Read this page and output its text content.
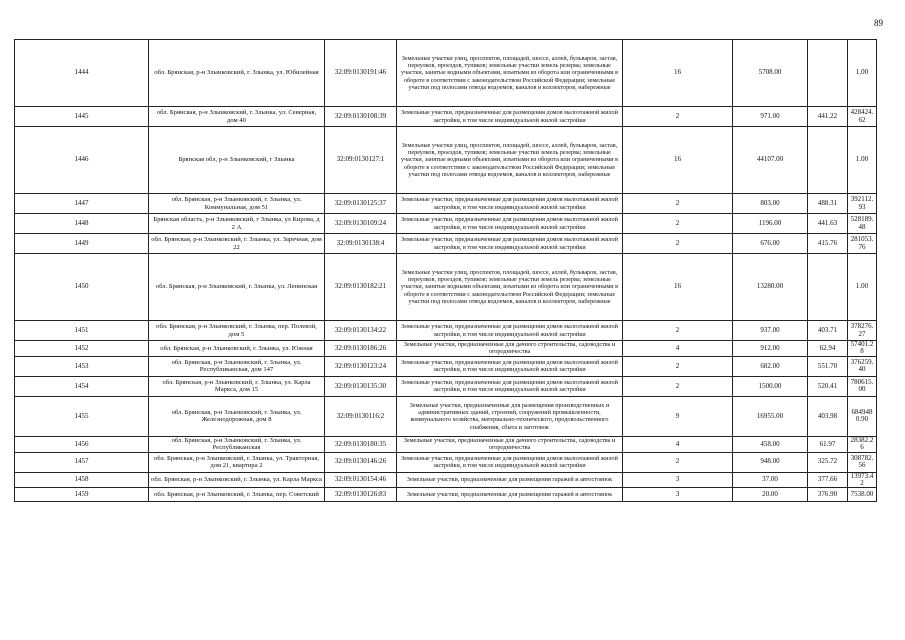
89
1444	обл. Брянская, р-н Злынковский, г. Злынка, ул. Юбилейная	32:09:0130191:46	Земельные участки улиц, проспектов, площадей, шоссе, аллей, бульваров, застав, переулков, проездов, тупиков; земельные участки земель резерва; земельные участки, занятые водными объектами, изъятыми из оборота или ограниченными в обороте в соответствии с законодательством Российской Федерации; земельные участки под полосами отвода водоемов, каналов и коллекторов, набережные	16	5708.00		1.00
1445	обл. Брянская, р-н Злынковский, г. Злынка, ул. Северная, дом 40	32:09:0130108:39	Земельные участки, предназначенные для размещения домов малоэтажной жилой застройки, в том числе индивидуальной жилой застройки	2	971.00	441.22	428424.62
1446	Брянская обл, р-н Злынковский, г Злынка	32:09:0130127:1	Земельные участки улиц, проспектов, площадей, шоссе, аллей, бульваров, застав, переулков, проездов, тупиков; земельные участки земель резерва; земельные участки, занятые водными объектами, изъятыми из оборота или ограниченными в обороте в соответствии с законодательством Российской Федерации; земельные участки под полосами отвода водоемов, каналов и коллекторов, набережные	16	44107.00		1.00
1447	обл. Брянская, р-н Злынковский, г. Злынка, ул. Коммунальная, дом 51	32:09:0130125:37	Земельные участки, предназначенные для размещения домов малоэтажной жилой застройки, в том числе индивидуальной жилой застройки	2	803.00	488.31	392112.93
1448	Брянская область, р-н Злынковский, г Злынка, ул Кирова, д 2 А	32:09:0130109:24	Земельные участки, предназначенные для размещения домов малоэтажной жилой застройки, в том числе индивидуальной жилой застройки	2	1196.00	441.63	528189.48
1449	обл. Брянская, р-н Злынковский, г. Злынка, ул. Заречная, дом 22	32:09:0130138:4	Земельные участки, предназначенные для размещения домов малоэтажной жилой застройки, в том числе индивидуальной жилой застройки	2	676.00	415.76	281053.76
1450	обл. Брянская, р-н Злынковский, г. Злынка, ул. Ленинская	32:09:0130182:21	Земельные участки улиц, проспектов, площадей, шоссе, аллей, бульваров, застав, переулков, проездов, тупиков; земельные участки земель резерва; земельные участки, занятые водными объектами, изъятыми из оборота или ограниченными в обороте в соответствии с законодательством Российской Федерации; земельные участки под полосами отвода водоемов, каналов и коллекторов, набережные	16	13280.00		1.00
1451	обл. Брянская, р-н Злынковский, г. Злынка, пер. Полевой, дом 5	32:09:0130134:22	Земельные участки, предназначенные для размещения домов малоэтажной жилой застройки, в том числе индивидуальной жилой застройки	2	937.00	403.71	378276.27
1452	обл. Брянская, р-н Злынковский, г. Злынка, ул. Южная	32:09:0130186:26	Земельные участки, предназначенные для дачного строительства, садоводства и огородничества	4	912.00	62.94	57401.28
1453	обл. Брянская, р-н Злынковский, г. Злынка, ул. Республиканская, дом 147	32:09:0130123:24	Земельные участки, предназначенные для размещения домов малоэтажной жилой застройки, в том числе индивидуальной жилой застройки	2	682.00	551.70	376259.40
1454	обл. Брянская, р-н Злынковский, г. Злынка, ул. Карла Маркса, дом 15	32:09:0130135:30	Земельные участки, предназначенные для размещения домов малоэтажной жилой застройки, в том числе индивидуальной жилой застройки	2	1500.00	520.41	780615.00
1455	обл. Брянская, р-н Злынковский, г. Злынка, ул. Железнодорожная, дом 8	32:09:0130116:2	Земельные участки, предназначенные для размещения производственных и административных зданий, строений, сооружений промышленности, коммунального хозяйства, материально-технического, продовольственного снабжения, сбыта и заготовок	9	16955.00	403.98	6849480.90
1456	обл. Брянская, р-н Злынковский, г. Злынка, ул. Республиканская	32:09:0130180:35	Земельные участки, предназначенные для дачного строительства, садоводства и огородничества	4	458.00	61.97	28382.26
1457	обл. Брянская, р-н Злынковский, г. Злынка, ул. Тракторная, дом 21, квартира 2	32:09:0130146:26	Земельные участки, предназначенные для размещения домов малоэтажной жилой застройки, в том числе индивидуальной жилой застройки	2	948.00	325.72	308782.56
1458	обл. Брянская, р-н Злынковский, г. Злынка, ул. Карла Маркса	32:09:0130154:46	Земельные участки, предназначенные для размещения гаражей и автостоянок	3	37.00	377.66	13973.42
1459	обл. Брянская, р-н Злынковский, г. Злынка, пер. Советский	32:09:0130126:83	Земельные участки, предназначенные для размещения гаражей и автостоянок	3	20.00	376.90	7538.00
